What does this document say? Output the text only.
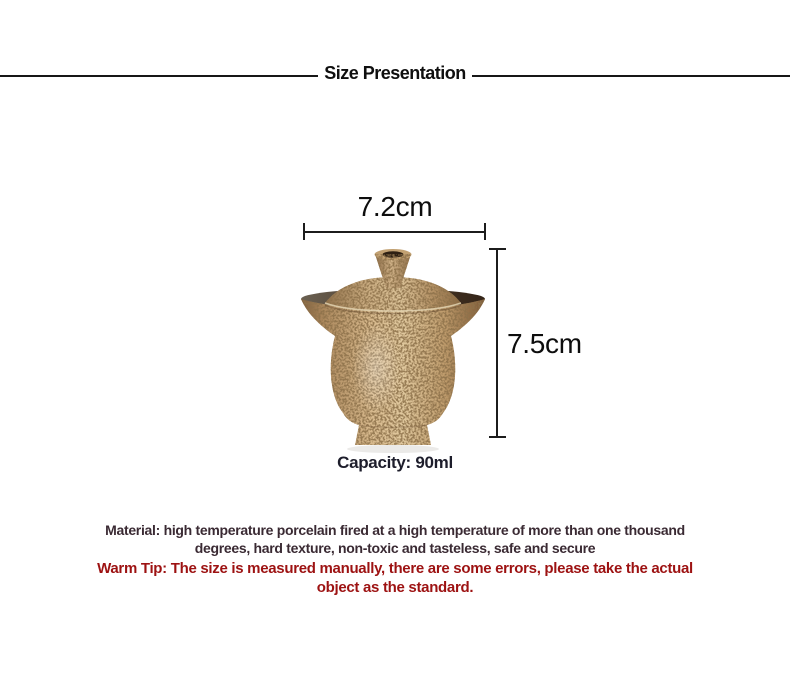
Size Presentation
7.2cm
7.5cm
Capacity: 90ml
Material: high temperature porcelain fired at a high temperature of more than one thousand
degrees, hard texture, non-toxic and tasteless, safe and secure
Warm Tip: The size is measured manually, there are some errors, please take the actual
object as the standard.
